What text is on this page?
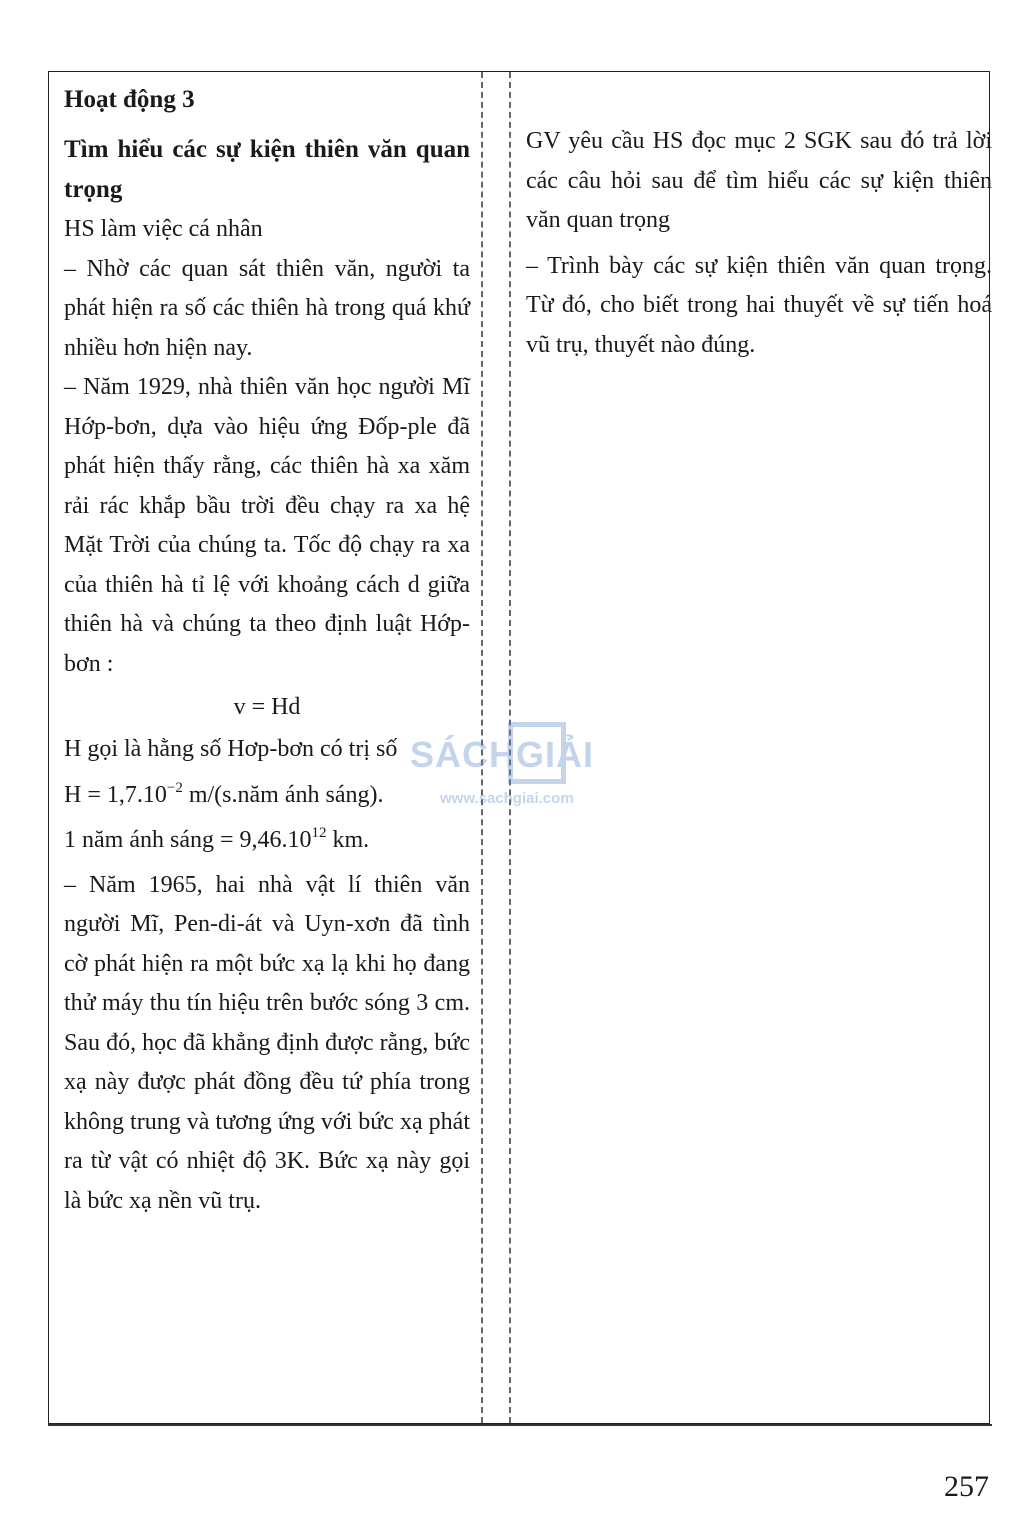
Hoạt động 3

Tìm hiểu các sự kiện thiên văn quan trọng

HS làm việc cá nhân

– Nhờ các quan sát thiên văn, người ta phát hiện ra số các thiên hà trong quá khứ nhiều hơn hiện nay.

– Năm 1929, nhà thiên văn học người Mĩ Hớp-bơn, dựa vào hiệu ứng Đốp-ple đã phát hiện thấy rằng, các thiên hà xa xăm rải rác khắp bầu trời đều chạy ra xa hệ Mặt Trời của chúng ta. Tốc độ chạy ra xa của thiên hà tỉ lệ với khoảng cách d giữa thiên hà và chúng ta theo định luật Hớp-bơn :

v = Hd

H gọi là hằng số Hơp-bơn có trị số

$H = 1,7.10^{-2}$ m/(s.năm ánh sáng).

1 năm ánh sáng = $9,46.10^{12}$ km.

– Năm 1965, hai nhà vật lí thiên văn người Mĩ, Pen-di-át và Uyn-xơn đã tình cờ phát hiện ra một bức xạ lạ khi họ đang thử máy thu tín hiệu trên bước sóng 3 cm. Sau đó, học đã khẳng định được rằng, bức xạ này được phát đồng đều tứ phía trong không trung và tương ứng với bức xạ phát ra từ vật có nhiệt độ 3K. Bức xạ này gọi là bức xạ nền vũ trụ.

GV yêu cầu HS đọc mục 2 SGK sau đó trả lời các câu hỏi sau để tìm hiểu các sự kiện thiên văn quan trọng

– Trình bày các sự kiện thiên văn quan trọng. Từ đó, cho biết trong hai thuyết về sự tiến hoá vũ trụ, thuyết nào đúng.

SÁCHGIẢI
www.sachgiai.com
257
